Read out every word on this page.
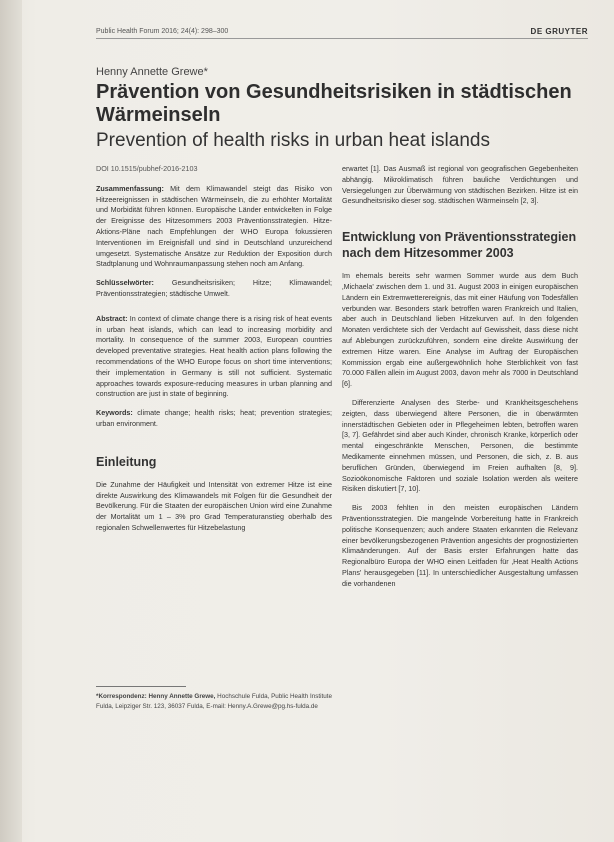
Public Health Forum 2016; 24(4): 298–300	DE GRUYTER
Henny Annette Grewe*
Prävention von Gesundheitsrisiken in städtischen Wärmeinseln
Prevention of health risks in urban heat islands
DOI 10.1515/pubhef-2016-2103

Zusammenfassung: Mit dem Klimawandel steigt das Risiko von Hitzeereignissen in städtischen Wärmeinseln, die zu erhöhter Mortalität und Morbidität führen können. Europäische Länder entwickelten in Folge der Ereignisse des Hitzesommers 2003 Präventionsstrategien. Hitze-Aktions-Pläne nach Empfehlungen der WHO Europa fokussieren Interventionen im Ereignisfall und sind in Deutschland unzureichend umgesetzt. Systematische Ansätze zur Reduktion der Exposition durch Stadtplanung und Wohnraumanpassung stehen noch am Anfang.

Schlüsselwörter: Gesundheitsrisiken; Hitze; Klimawandel; Präventionsstrategien; städtische Umwelt.

Abstract: In context of climate change there is a rising risk of heat events in urban heat islands, which can lead to increasing morbidity and mortality. In consequence of the summer 2003, European countries developed preventative strategies. Heat health action plans following the recommendations of the WHO Europe focus on short time interventions; their implementation in Germany is still not sufficient. Systematic approaches towards exposure-reducing measures in urban planning and construction are just in state of beginning.

Keywords: climate change; health risks; heat; prevention strategies; urban environment.

Einleitung

Die Zunahme der Häufigkeit und Intensität von extremer Hitze ist eine direkte Auswirkung des Klimawandels mit Folgen für die Gesundheit der Bevölkerung. Für die Staaten der europäischen Union wird eine Zunahme der Mortalität um 1 – 3% pro Grad Temperaturanstieg oberhalb des regionalen Schwellenwertes für Hitzebelastung

*Korrespondenz: Henny Annette Grewe, Hochschule Fulda, Public Health Institute Fulda, Leipziger Str. 123, 36037 Fulda, E-mail: Henny.A.Grewe@pg.hs-fulda.de

erwartet [1]. Das Ausmaß ist regional von geografischen Gegebenheiten abhängig. Mikroklimatisch führen bauliche Verdichtungen und Versiegelungen zur Überwärmung von städtischen Bezirken. Hitze ist ein Gesundheitsrisiko dieser sog. städtischen Wärmeinseln [2, 3].

Entwicklung von Präventionsstrategien nach dem Hitzesommer 2003

Im ehemals bereits sehr warmen Sommer wurde aus dem Buch ‚Michaela' zwischen dem 1. und 31. August 2003 in einigen europäischen Ländern ein Extremwetterereignis, das mit einer Häufung von Todesfällen verbunden war. Besonders stark betroffen waren Frankreich und Italien, aber auch in Deutschland lieben Hitzekurven auf. In den folgenden Monaten verdichtete sich der Verdacht auf Gewissheit, dass diese nicht auf Ablebungen zurückzuführen, sondern eine direkte Auswirkung der extremen Hitze waren. Eine Analyse im Auftrag der Europäischen Kommission ergab eine außergewöhnlich hohe Sterblichkeit von fast 70.000 Fällen allein im August 2003, davon mehr als 7000 in Deutschland [6].

Differenzierte Analysen des Sterbe- und Krankheitsgeschehens zeigten, dass überwiegend ältere Personen, die in überwärmten innerstädtischen Gebieten oder in Pflegeheimen lebten, betroffen waren [3, 7]. Gefährdet sind aber auch Kinder, chronisch Kranke, körperlich oder mental eingeschränkte Menschen, Personen, die bestimmte Medikamente einnehmen müssen, und Personen, die sich, z. B. aus beruflichen Gründen, überwiegend im Freien aufhalten [8, 9]. Sozioökonomische Faktoren und soziale Isolation werden als weitere Risiken diskutiert [7, 10].

Bis 2003 fehlten in den meisten europäischen Ländern Präventionsstrategien. Die mangelnde Vorbereitung hatte in Frankreich politische Konsequenzen; auch andere Staaten erkannten die Relevanz einer bevölkerungsbezogenen Prävention angesichts der prognostizierten Klimaänderungen. Auf der Basis erster Erfahrungen hatte das Regionalbüro Europa der WHO einen Leitfaden für ‚Heat Health Actions Plans' herausgegeben [11]. In unterschiedlicher Ausgestaltung umfassen die vorhandenen
